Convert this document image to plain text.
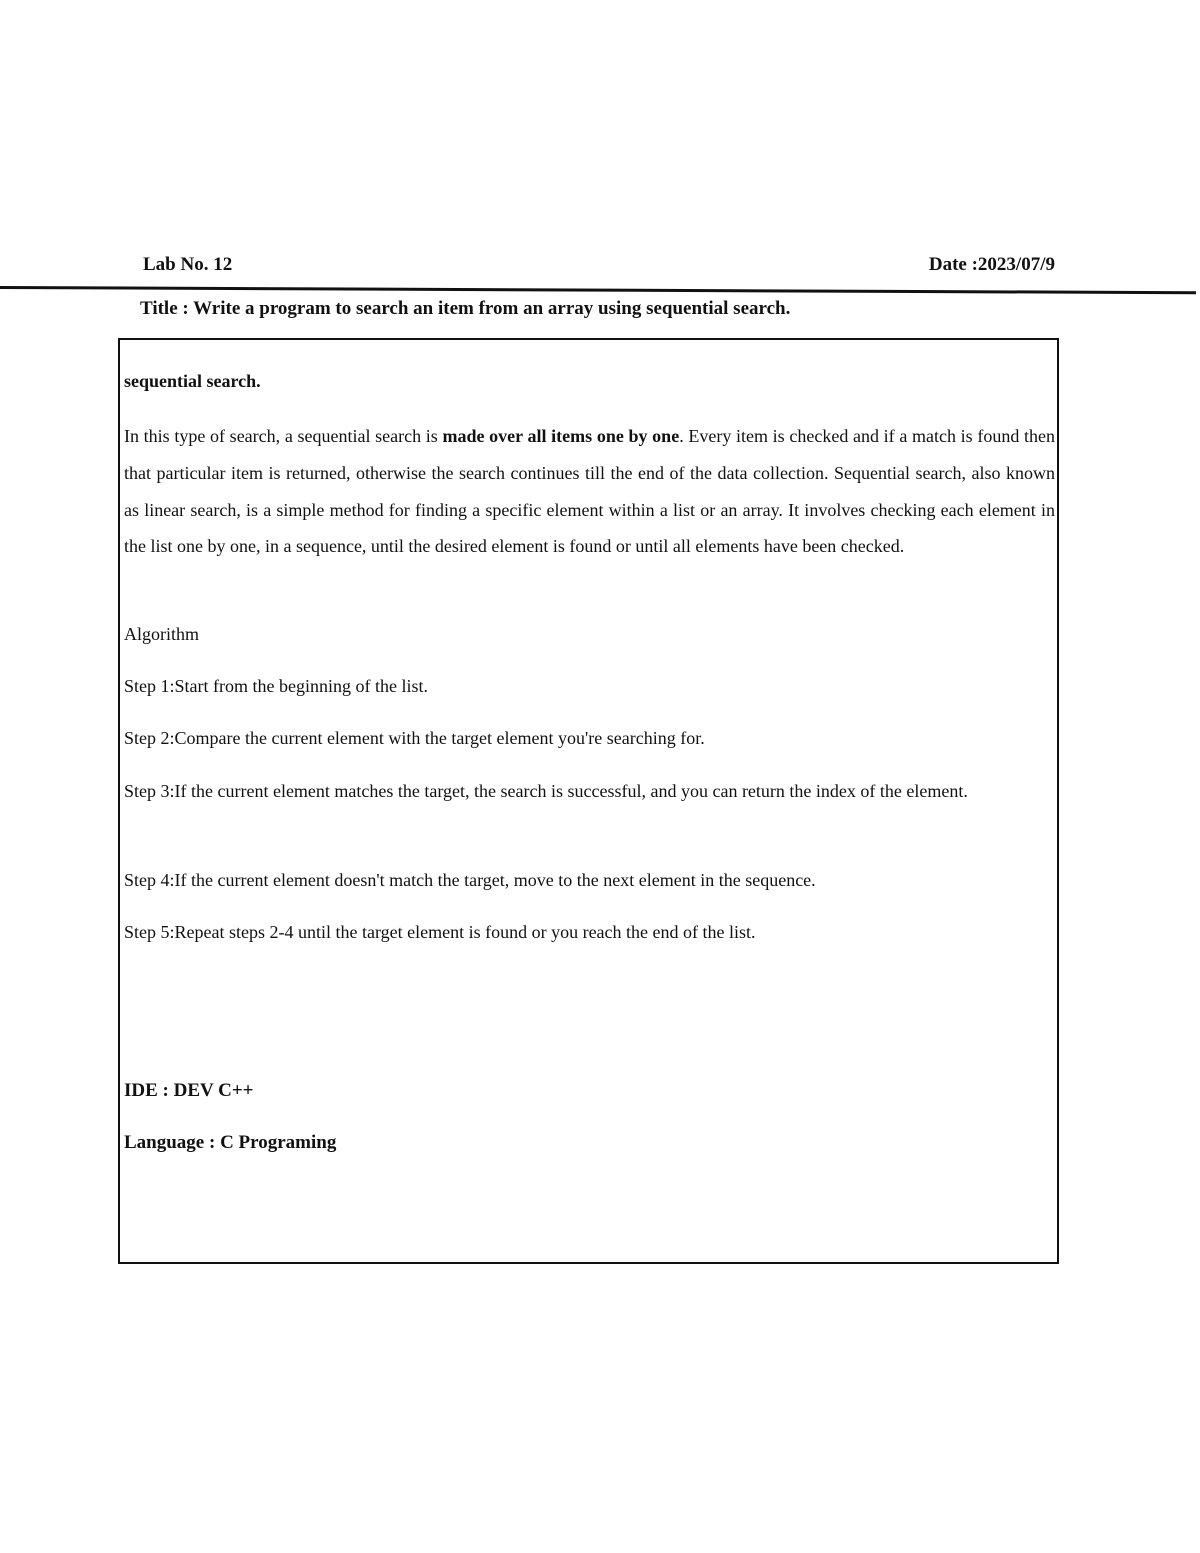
Lab No. 12	Date :2023/07/9
Title : Write a program to search an item from an array using sequential search.
sequential search.
In this type of search, a sequential search is made over all items one by one. Every item is checked and if a match is found then that particular item is returned, otherwise the search continues till the end of the data collection. Sequential search, also known as linear search, is a simple method for finding a specific element within a list or an array. It involves checking each element in the list one by one, in a sequence, until the desired element is found or until all elements have been checked.
Algorithm
Step 1:Start from the beginning of the list.
Step 2:Compare the current element with the target element you're searching for.
Step 3:If the current element matches the target, the search is successful, and you can return the index of the element.
Step 4:If the current element doesn't match the target, move to the next element in the sequence.
Step 5:Repeat steps 2-4 until the target element is found or you reach the end of the list.
IDE : DEV C++
Language : C Programing
